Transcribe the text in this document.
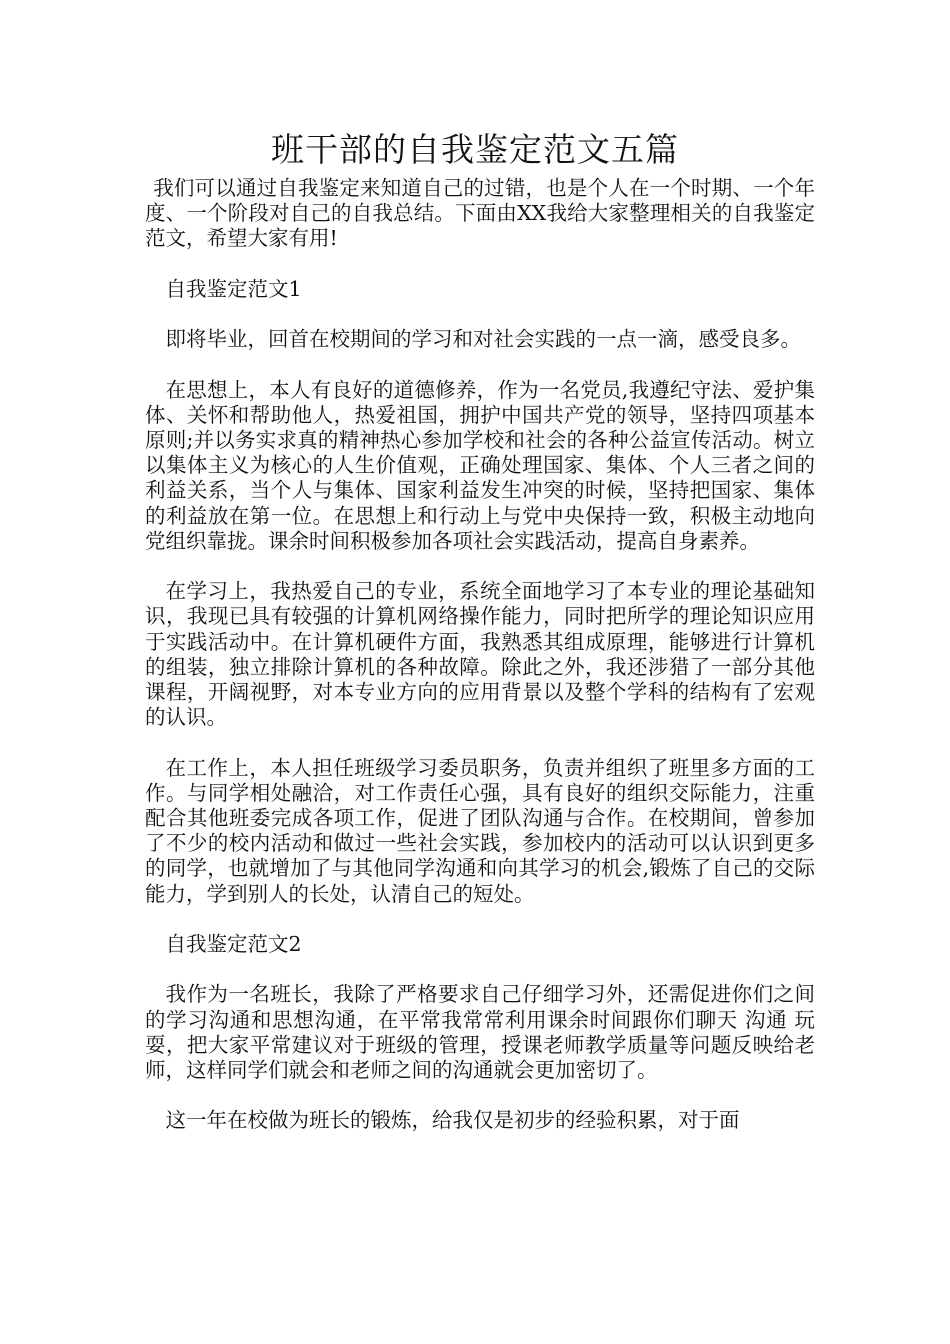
班干部的自我鉴定范文五篇

我们可以通过自我鉴定来知道自己的过错，也是个人在一个时期、一个年度、一个阶段对自己的自我总结。下面由XX我给大家整理相关的自我鉴定范文，希望大家有用!

自我鉴定范文1

即将毕业，回首在校期间的学习和对社会实践的一点一滴，感受良多。

在思想上，本人有良好的道德修养，作为一名党员,我遵纪守法、爱护集体、关怀和帮助他人，热爱祖国，拥护中国共产党的领导，坚持四项基本原则;并以务实求真的精神热心参加学校和社会的各种公益宣传活动。树立以集体主义为核心的人生价值观，正确处理国家、集体、个人三者之间的利益关系，当个人与集体、国家利益发生冲突的时候，坚持把国家、集体的利益放在第一位。在思想上和行动上与党中央保持一致，积极主动地向党组织靠拢。课余时间积极参加各项社会实践活动，提高自身素养。

在学习上，我热爱自己的专业，系统全面地学习了本专业的理论基础知识，我现已具有较强的计算机网络操作能力，同时把所学的理论知识应用于实践活动中。在计算机硬件方面，我熟悉其组成原理，能够进行计算机的组装，独立排除计算机的各种故障。除此之外，我还涉猎了一部分其他课程，开阔视野，对本专业方向的应用背景以及整个学科的结构有了宏观的认识。

在工作上，本人担任班级学习委员职务，负责并组织了班里多方面的工作。与同学相处融洽，对工作责任心强，具有良好的组织交际能力，注重配合其他班委完成各项工作，促进了团队沟通与合作。在校期间，曾参加了不少的校内活动和做过一些社会实践，参加校内的活动可以认识到更多的同学，也就增加了与其他同学沟通和向其学习的机会,锻炼了自己的交际能力，学到别人的长处，认清自己的短处。

自我鉴定范文2

我作为一名班长，我除了严格要求自己仔细学习外，还需促进你们之间的学习沟通和思想沟通，在平常我常常利用课余时间跟你们聊天 沟通 玩耍，把大家平常建议对于班级的管理，授课老师教学质量等问题反映给老师，这样同学们就会和老师之间的沟通就会更加密切了。

这一年在校做为班长的锻炼，给我仅是初步的经验积累，对于面
